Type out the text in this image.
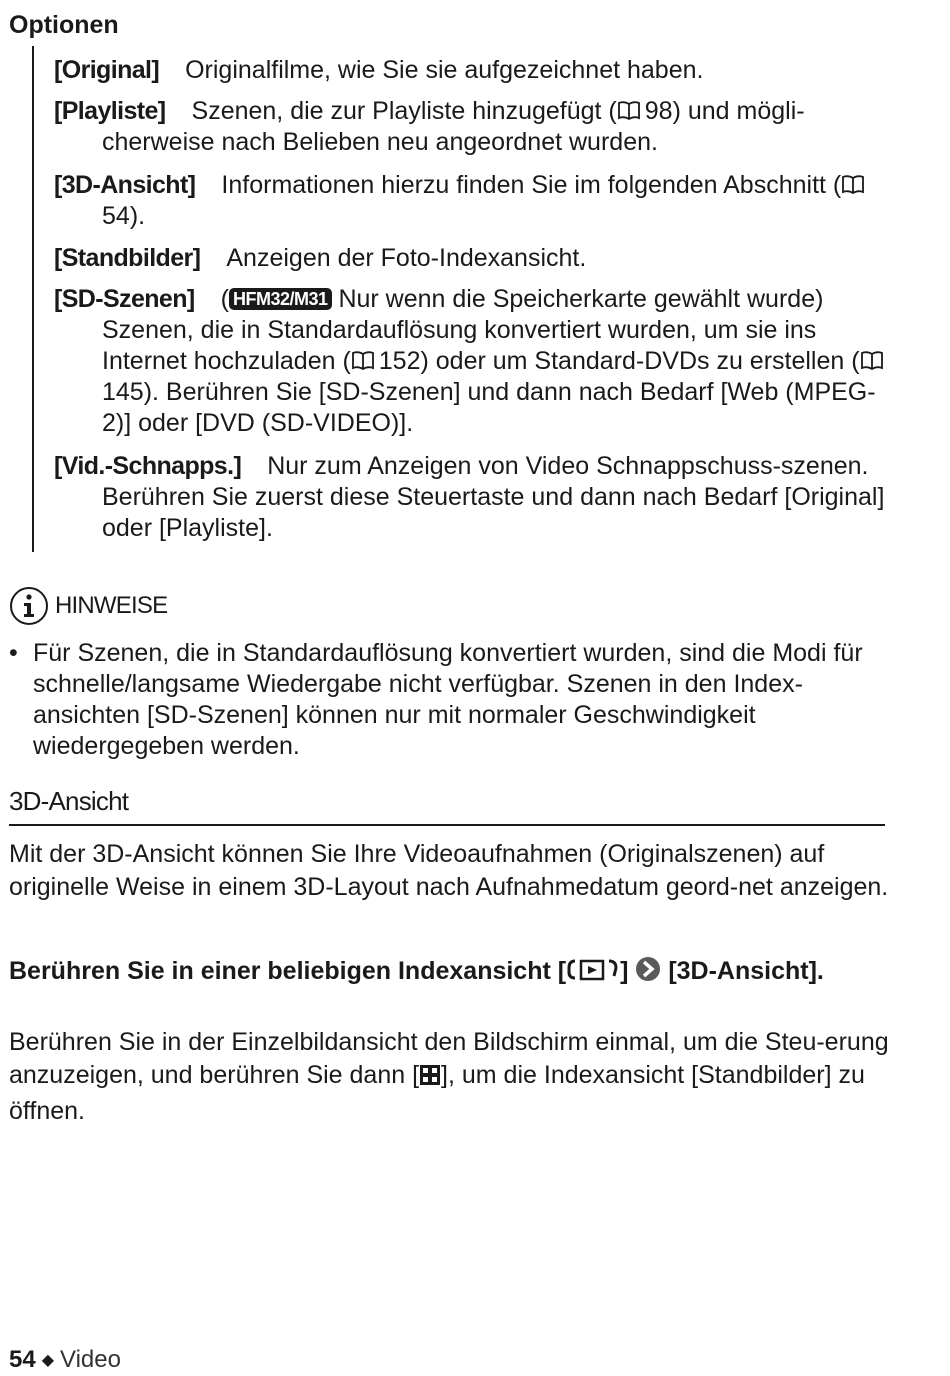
Optionen
[Original] Originalfilme, wie Sie sie aufgezeichnet haben.
[Playliste] Szenen, die zur Playliste hinzugefügt ( 98) und mögli-cherweise nach Belieben neu angeordnet wurden.
[3D-Ansicht] Informationen hierzu finden Sie im folgenden Abschnitt (
54).
[Standbilder] Anzeigen der Foto-Indexansicht.
[SD-Szenen] ( HFM32/M31 Nur wenn die Speicherkarte gewählt wurde) Szenen, die in Standardauflösung konvertiert wurden, um sie ins Internet hochzuladen ( 152) oder um Standard-DVDs zu erstellen (
145). Berühren Sie [SD-Szenen] und dann nach Bedarf [Web (MPEG-2)] oder [DVD (SD-VIDEO)].
[Vid.-Schnapps.] Nur zum Anzeigen von Video Schnappschuss-szenen. Berühren Sie zuerst diese Steuertaste und dann nach Bedarf [Original] oder [Playliste].
HINWEISE
• Für Szenen, die in Standardauflösung konvertiert wurden, sind die Modi für schnelle/langsame Wiedergabe nicht verfügbar. Szenen in den Index-ansichten [SD-Szenen] können nur mit normaler Geschwindigkeit wiedergegeben werden.
3D-Ansicht
Mit der 3D-Ansicht können Sie Ihre Videoaufnahmen (Originalszenen) auf originelle Weise in einem 3D-Layout nach Aufnahmedatum geord-net anzeigen.
Berühren Sie in einer beliebigen Indexansicht [ ]  [3D-Ansicht].
Berühren Sie in der Einzelbildansicht den Bildschirm einmal, um die Steu-erung anzuzeigen, und berühren Sie dann [ ], um die Indexansicht [Standbilder] zu öffnen.
54 ◆ Video
